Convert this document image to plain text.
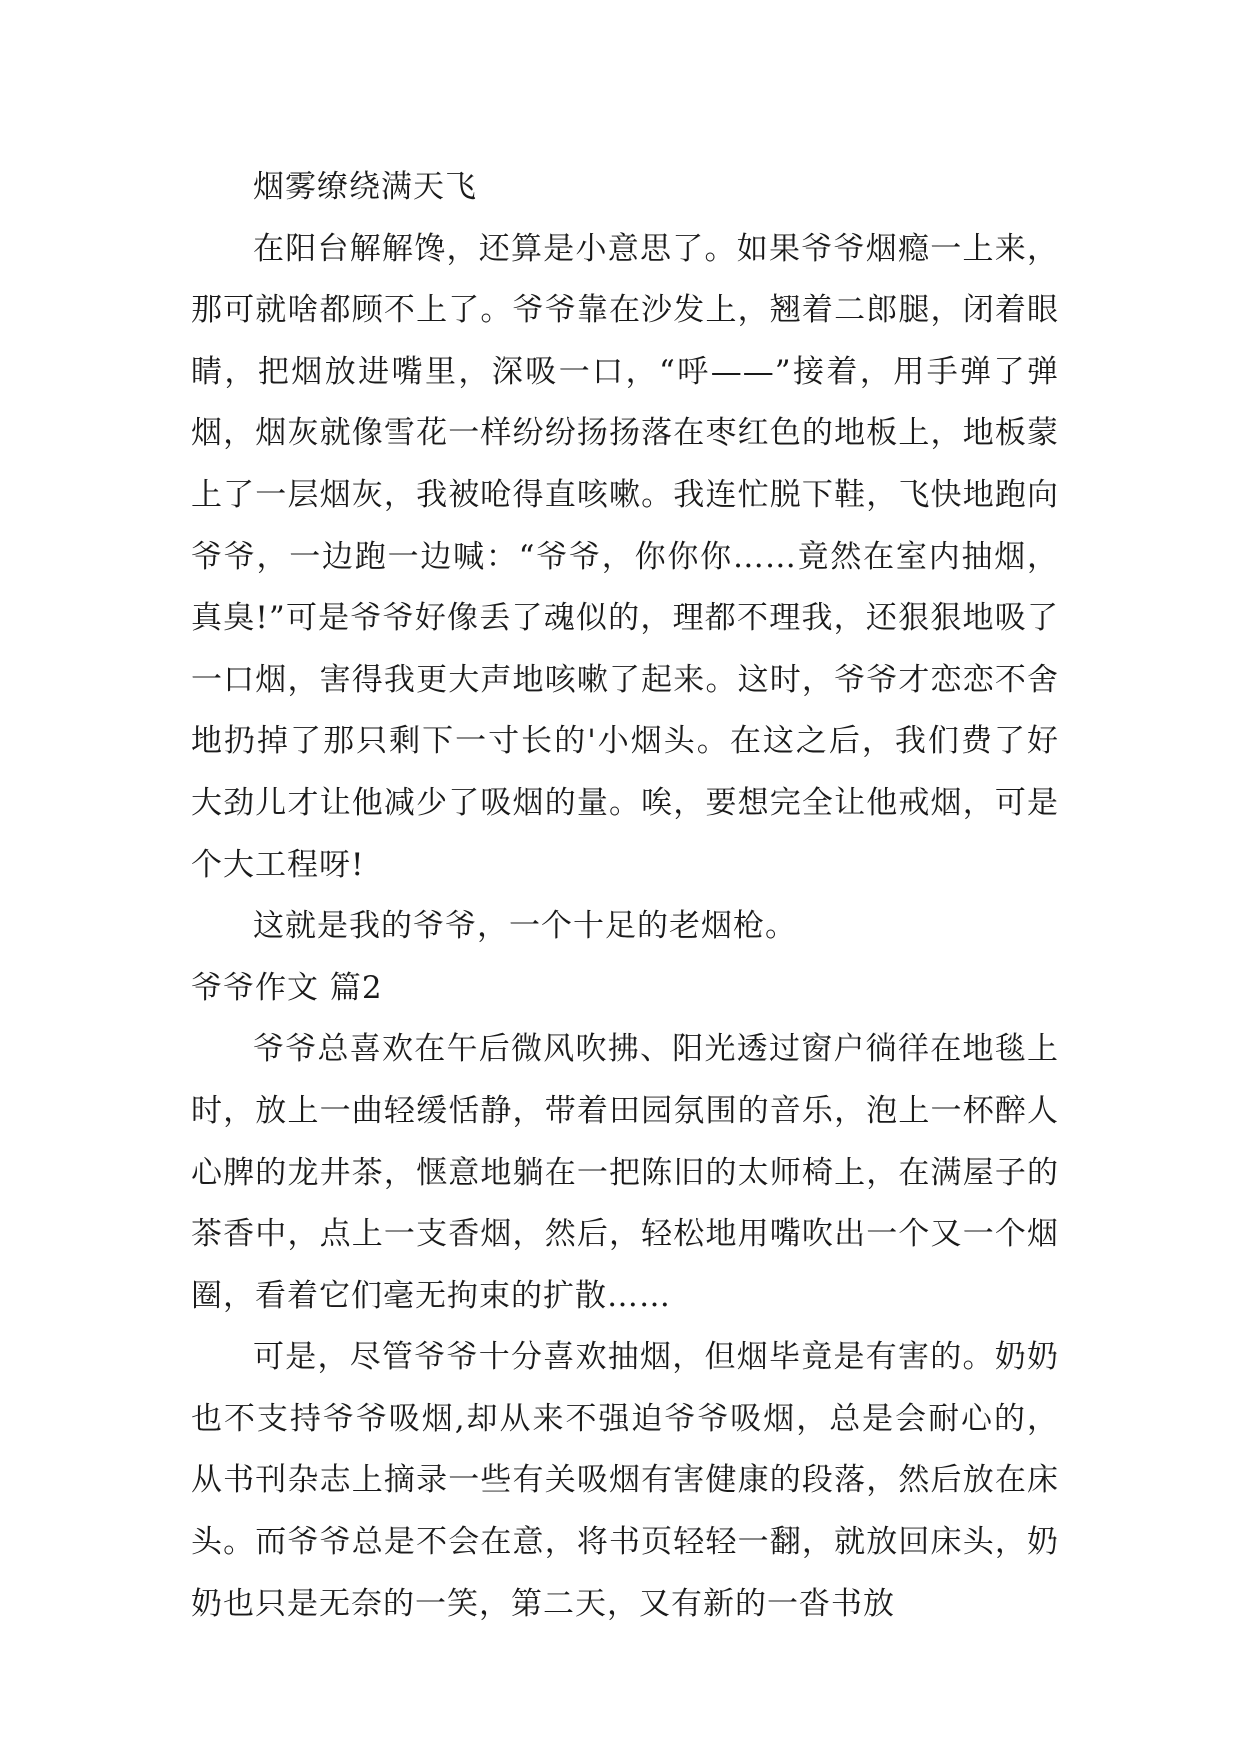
烟雾缭绕满天飞

在阳台解解馋，还算是小意思了。如果爷爷烟瘾一上来，那可就啥都顾不上了。爷爷靠在沙发上，翘着二郎腿，闭着眼睛，把烟放进嘴里，深吸一口，“呼——”接着，用手弹了弹烟，烟灰就像雪花一样纷纷扬扬落在枣红色的地板上，地板蒙上了一层烟灰，我被呛得直咳嗽。我连忙脱下鞋，飞快地跑向爷爷，一边跑一边喊：“爷爷，你你你……竟然在室内抽烟，真臭!”可是爷爷好像丢了魂似的，理都不理我，还狠狠地吸了一口烟，害得我更大声地咳嗽了起来。这时，爷爷才恋恋不舍地扔掉了那只剩下一寸长的'小烟头。在这之后，我们费了好大劲儿才让他减少了吸烟的量。唉，要想完全让他戒烟，可是个大工程呀!

这就是我的爷爷，一个十足的老烟枪。

爷爷作文 篇2

爷爷总喜欢在午后微风吹拂、阳光透过窗户徜徉在地毯上时，放上一曲轻缓恬静，带着田园氛围的音乐，泡上一杯醉人心脾的龙井茶，惬意地躺在一把陈旧的太师椅上，在满屋子的茶香中，点上一支香烟，然后，轻松地用嘴吹出一个又一个烟圈，看着它们毫无拘束的扩散……

可是，尽管爷爷十分喜欢抽烟，但烟毕竟是有害的。奶奶也不支持爷爷吸烟,却从来不强迫爷爷吸烟，总是会耐心的，从书刊杂志上摘录一些有关吸烟有害健康的段落，然后放在床头。而爷爷总是不会在意，将书页轻轻一翻，就放回床头，奶奶也只是无奈的一笑，第二天，又有新的一沓书放
